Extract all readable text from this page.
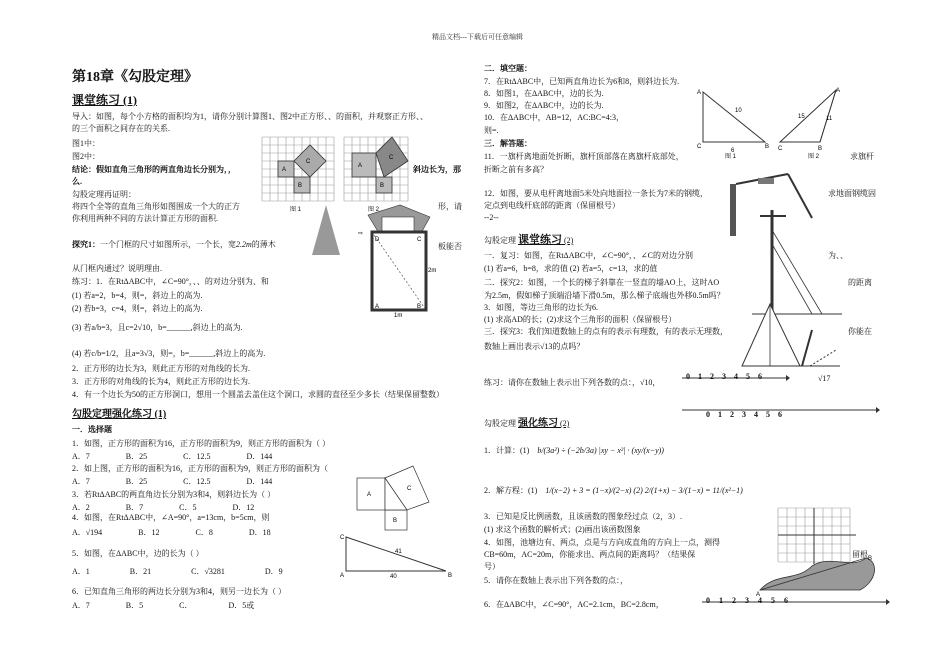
精品文档---下载后可任意编辑
第18章《勾股定理》
课堂练习 (1)
导入：如图，每个小方格的面积均为1，请你分别计算图1、图2中正方形、、的面积，并观察正方形、、
的三个面积之间存在的关系.
图1中：
图2中：
结论：假如直角三角形的两直角边长分别为，，
么.
斜边长为，那
勾股定理再证明：
将四个全等的直角三角形如图围成一个大的正方
你利用两种不同的方法计算正方形的面积.
形，请
A
B
C
图 1
A
B
C
图 2
⇨
探究1：一个门框的尺寸如图所示，一个长，宽2.2m的薄木	板能否
从门框内通过？说明理由.
D	C
A	B
1m
2m
练习：1．在RtΔABC中，∠C=90°，、、的对边分别为、和
(1) 若a=2，b=4，则=，斜边上的高为.
(2) 若b=3，c=4，则=，斜边上的高为.
(3) 若a/b=3，且c=2√10，b=______,斜边上的高为.
(4) 若c/b=1/2，且a=3√3，则=，b=______,斜边上的高为.
2．正方形的边长为3，则此正方形的对角线的长为.
3．正方形的对角线的长为4，则此正方形的边长为.
4．有一个边长为50的正方形洞口，想用一个圆盖去盖住这个洞口，求圆的直径至少多长（结果保留整数）
勾股定理强化练习 (1)
一．选择题
1．如图，正方形的面积为16，正方形的面积为9，则正方形的面积为（ ）
A．7	B．25	C．12.5	D．144
2．如上图，正方形的面积为16，正方形的面积为9，则正方形的面积为（
A．7	B．25	C．12.5	D．144
3．若RtΔABC的两直角边长分别为3和4，则斜边长为（ ）
A．2	B．7	C．5	D．12
4．如图，在RtΔABC中，∠A=90°，a=13cm，b=5cm，则
A．√194	B．12	C．8	D．18
5．如图，在ΔABC中，边的长为（ ）
A．1	B．21	C．√3281	D．9
6．已知直角三角形的两边长分别为3和4，则另一边长为（ ）
A．7	B．5	C．	D．5或
A
B
C
C
A	B
40
41
二．填空题：
7．在RtΔABC中，已知两直角边长为6和8，则斜边长为.
8．如图1，在ΔABC中，边的长为.
9．如图2，在ΔABC中，边的长为.
10．在ΔABC中，AB=12，AC:BC=4:3，
则=.
三．解答题：
11．一旗杆离地面处折断，旗杆顶部落在离旗杆底部处，
折断之前有多高？
求旗杆
A
C	B
10
6
图 1
C	B
A
15	11
图 2
12．如图，要从电杆离地面5米处向地面拉一条长为7米的钢缆，	求地面钢缆固
定点到电线杆底部的距离（保留根号）
--2--
勾股定理 课堂练习 (2)
一．复习：如图，在RtΔABC中，∠C=90°，、∠C的对边分别	为、、
(1) 若a=6，b=8，求的值 (2) 若a=5，c=13，求的值
二．探究2：如图，一个长的梯子斜靠在一竖直的墙AO上，这时AO	的距离
为2.5m，假如梯子顶端沿墙下滑0.5m，那么梯子底端也外移0.5m吗？
3．如图，等边三角形的边长为6.
(1) 求高AD的长；(2)求这个三角形的面积（保留根号）
三．探究3：我们知道数轴上的点有的表示有理数，有的表示无理数，	你能在
数轴上画出表示√13的点吗？
练习：请你在数轴上表示出下列各数的点：，√10，	√17
0 1 2 3 4 5 6
0 1 2 3 4 5 6
勾股定理 强化练习 (2)
1．计算：(1) b/(3a²) ÷ (−2b/3a) |xy − x²| · (xy/(x−y))
2．解方程：(1) 1/(x−2) + 3 = (1−x)/(2−x) (2) 2/(1+x) − 3/(1−x) = 11/(x²−1)
3．已知是反比例函数，且该函数的图象经过点（2，3）.
(1) 求这个函数的解析式；(2)画出该函数图象
4．如图，池塘边有、两点，点是与方向成直角的方向上一点，测得
CB=60m，AC=20m，你能求出、两点间的距离吗？（结果保
号）
留根
5．请你在数轴上表示出下列各数的点：，
6．在ΔABC中，∠C=90°，AC=2.1cm，BC=2.8cm，
A
B
0 1 2 3 4 5 6
